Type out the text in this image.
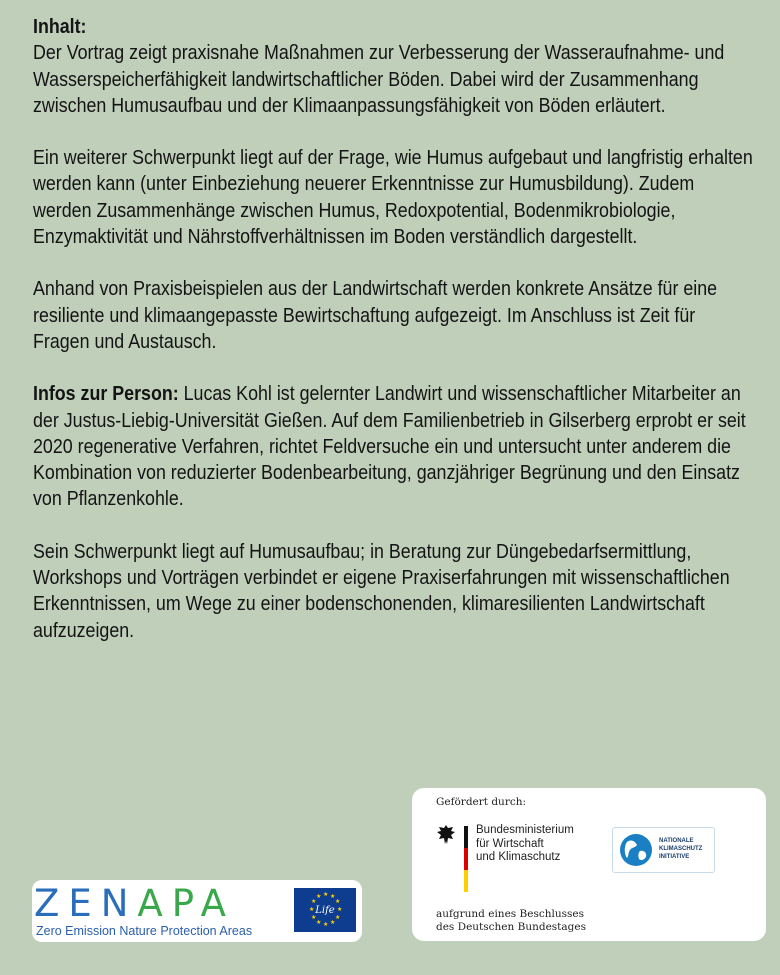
Inhalt:
Der Vortrag zeigt praxisnahe Maßnahmen zur Verbesserung der Wasseraufnahme- und Wasserspeicherfähigkeit landwirtschaftlicher Böden. Dabei wird der Zusammenhang zwischen Humusaufbau und der Klimaanpassungsfähigkeit von Böden erläutert.

Ein weiterer Schwerpunkt liegt auf der Frage, wie Humus aufgebaut und langfristig erhalten werden kann (unter Einbeziehung neuerer Erkenntnisse zur Humusbildung). Zudem werden Zusammenhänge zwischen Humus, Redoxpotential, Bodenmikrobiologie, Enzymaktivität und Nährstoffverhältnissen im Boden verständlich dargestellt.

Anhand von Praxisbeispielen aus der Landwirtschaft werden konkrete Ansätze für eine resiliente und klimaangepasste Bewirtschaftung aufgezeigt. Im Anschluss ist Zeit für Fragen und Austausch.

Infos zur Person: Lucas Kohl ist gelernter Landwirt und wissenschaftlicher Mitarbeiter an der Justus-Liebig-Universität Gießen. Auf dem Familienbetrieb in Gilserberg erprobt er seit 2020 regenerative Verfahren, richtet Feldversuche ein und untersucht unter anderem die Kombination von reduzierter Bodenbearbeitung, ganzjähriger Begrünung und den Einsatz von Pflanzenkohle.

Sein Schwerpunkt liegt auf Humusaufbau; in Beratung zur Düngebedarfsermittlung, Workshops und Vorträgen verbindet er eigene Praxiserfahrungen mit wissenschaftlichen Erkenntnissen, um Wege zu einer bodenschonenden, klimaresilienten Landwirtschaft aufzuzeigen.

ZENAPA
Zero Emission Nature Protection Areas
★ ★
★
★
★
★
★
★
★
★
★
★
Life
Gefördert durch:
Bundesministerium
für Wirtschaft
und Klimaschutz
NATIONALE
KLIMASCHUTZ
INITIATIVE
aufgrund eines Beschlusses
des Deutschen Bundestages
